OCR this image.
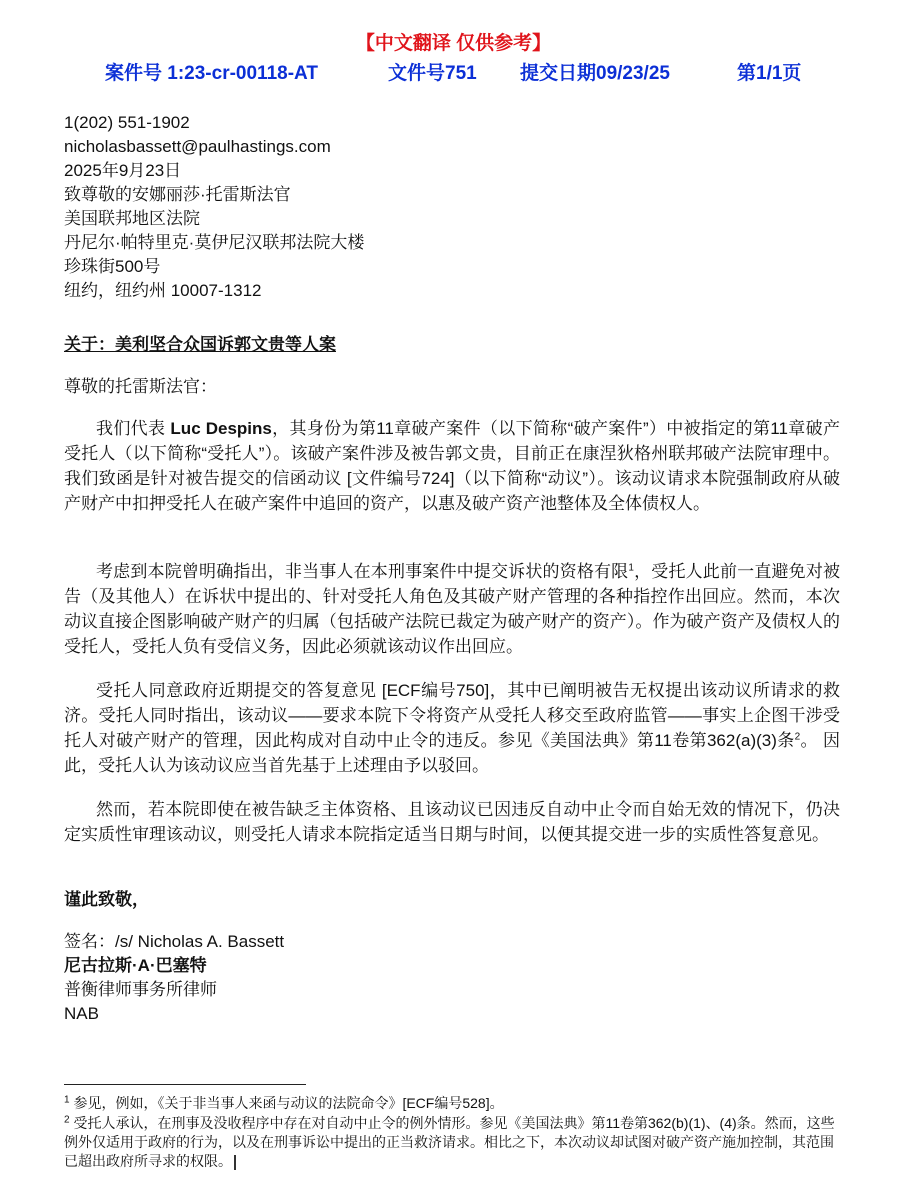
【中文翻译 仅供参考】
案件号 1:23-cr-00118-AT	文件号751 提交日期09/23/25	第1/1页
1(202) 551-1902
nicholasbassett@paulhastings.com
2025年9月23日
致尊敬的安娜丽莎·托雷斯法官
美国联邦地区法院
丹尼尔·帕特里克·莫伊尼汉联邦法院大楼
珍珠街500号
纽约，纽约州 10007-1312
关于：美利坚合众国诉郭文贵等人案
尊敬的托雷斯法官：
我们代表 Luc Despins，其身份为第11章破产案件（以下简称“破产案件”）中被指定的第11章破产受托人（以下简称“受托人”）。该破产案件涉及被告郭文贵，目前正在康涅狄格州联邦破产法院审理中。我们致函是针对被告提交的信函动议 [文件编号724]（以下简称“动议”）。该动议请求本院强制政府从破产财产中扣押受托人在破产案件中追回的资产，以惠及破产资产池整体及全体债权人。
考虑到本院曾明确指出，非当事人在本刑事案件中提交诉状的资格有限$^1$，受托人此前一直避免对被告（及其他人）在诉状中提出的、针对受托人角色及其破产财产管理的各种指控作出回应。然而，本次动议直接企图影响破产财产的归属（包括破产法院已裁定为破产财产的资产）。作为破产资产及债权人的受托人，受托人负有受信义务，因此必须就该动议作出回应。
受托人同意政府近期提交的答复意见 [ECF编号750]，其中已阐明被告无权提出该动议所请求的救济。受托人同时指出，该动议——要求本院下令将资产从受托人移交至政府监管——事实上企图干涉受托人对破产财产的管理，因此构成对自动中止令的违反。参见《美国法典》第11卷第362(a)(3)条$^2$。 因此，受托人认为该动议应当首先基于上述理由予以驳回。
然而，若本院即使在被告缺乏主体资格、且该动议已因违反自动中止令而自始无效的情况下，仍决定实质性审理该动议，则受托人请求本院指定适当日期与时间，以便其提交进一步的实质性答复意见。
谨此致敬，
签名：/s/ Nicholas A. Bassett
尼古拉斯·A·巴塞特
普衡律师事务所律师
NAB
$^1$ 参见，例如，《关于非当事人来函与动议的法院命令》[ECF编号528]。
$^2$ 受托人承认，在刑事及没收程序中存在对自动中止令的例外情形。参见《美国法典》第11卷第362(b)(1)、(4)条。然而，这些例外仅适用于政府的行为，以及在刑事诉讼中提出的正当救济请求。相比之下，本次动议却试图对破产资产施加控制，其范围已超出政府所寻求的权限。
